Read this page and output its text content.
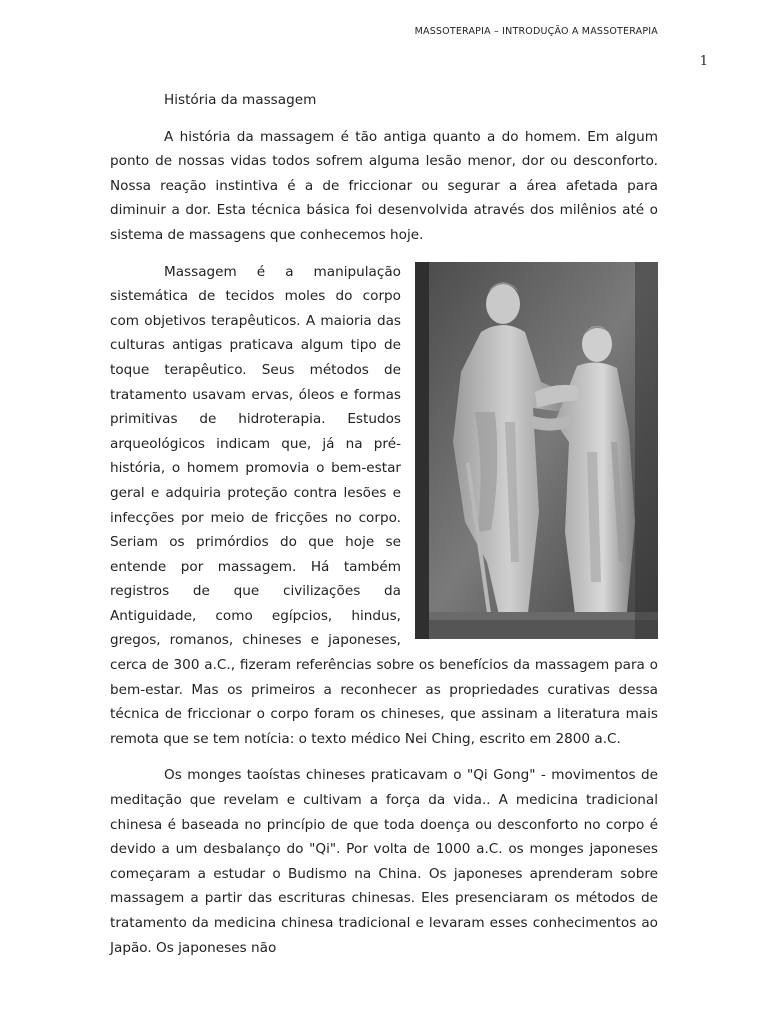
MASSOTERAPIA – INTRODUÇÃO A MASSOTERAPIA
1
História da massagem

A história da massagem é tão antiga quanto a do homem. Em algum ponto de nossas vidas todos sofrem alguma lesão menor, dor ou desconforto. Nossa reação instintiva é a de friccionar ou segurar a área afetada para diminuir a dor. Esta técnica básica foi desenvolvida através dos milênios até o sistema de massagens que conhecemos hoje.

Massagem é a manipulação sistemática de tecidos moles do corpo com objetivos terapêuticos. A maioria das culturas antigas praticava algum tipo de toque terapêutico. Seus métodos de tratamento usavam ervas, óleos e formas primitivas de hidroterapia. Estudos arqueológicos indicam que, já na pré-história, o homem promovia o bem-estar geral e adquiria proteção contra lesões e infecções por meio de fricções no corpo. Seriam os primórdios do que hoje se entende por massagem. Há também registros de que civilizações da Antiguidade, como egípcios, hindus, gregos, romanos, chineses e japoneses, cerca de 300 a.C., fizeram referências sobre os benefícios da massagem para o bem-estar. Mas os primeiros a reconhecer as propriedades curativas dessa técnica de friccionar o corpo foram os chineses, que assinam a literatura mais remota que se tem notícia: o texto médico Nei Ching, escrito em 2800 a.C.

Os monges taoístas chineses praticavam o "Qi Gong" - movimentos de meditação que revelam e cultivam a força da vida.. A medicina tradicional chinesa é baseada no princípio de que toda doença ou desconforto no corpo é devido a um desbalanço do "Qi". Por volta de 1000 a.C. os monges japoneses começaram a estudar o Budismo na China. Os japoneses aprenderam sobre massagem a partir das escrituras chinesas. Eles presenciaram os métodos de tratamento da medicina chinesa tradicional e levaram esses conhecimentos ao Japão. Os japoneses não
